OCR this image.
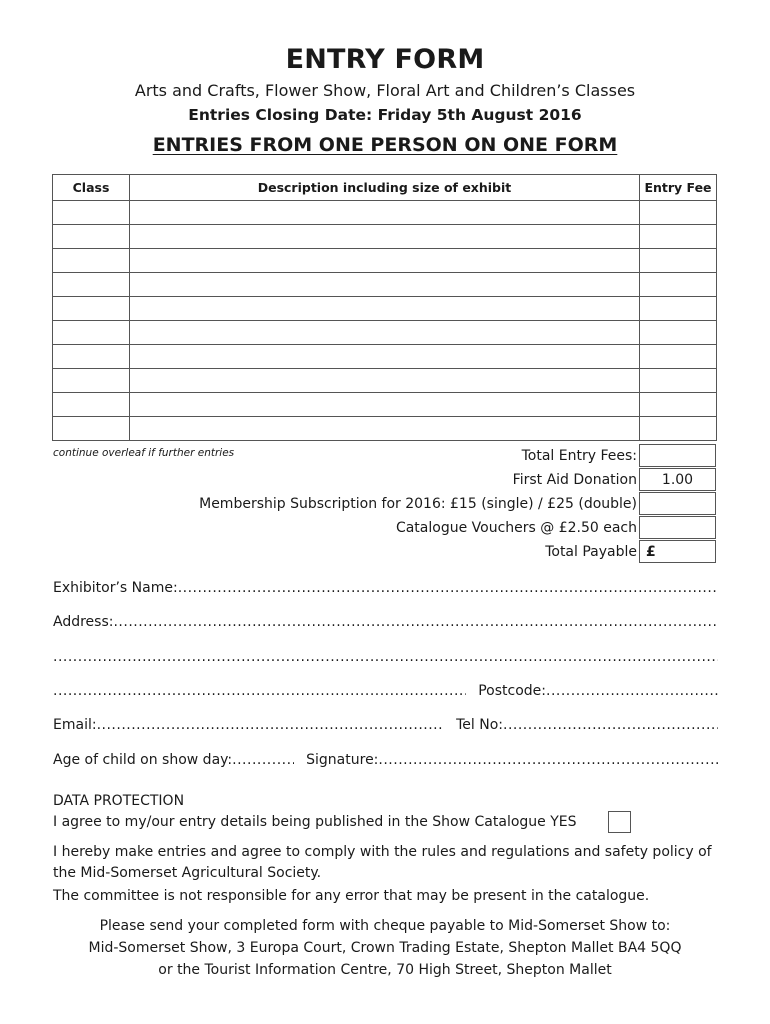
ENTRY FORM
Arts and Crafts, Flower Show, Floral Art and Children’s Classes
Entries Closing Date: Friday 5th August 2016
ENTRIES FROM ONE PERSON ON ONE FORM
Class	Description including size of exhibit	Entry Fee

continue overleaf if further entries	Total Entry Fees:
First Aid Donation	1.00
Membership Subscription for 2016: £15 (single) / £25 (double)
Catalogue Vouchers @ £2.50 each
Total Payable £
Exhibitor’s Name:
.....
Address:
.....
.....
.....
Postcode:
.....
Email: .....	Tel No:
.....
Age of child on show day: .....	Signature:
.....
DATA PROTECTION
I agree to my/our entry details being published in the Show Catalogue YES
I hereby make entries and agree to comply with the rules and regulations and safety policy of the Mid-Somerset Agricultural Society.
The committee is not responsible for any error that may be present in the catalogue.
Please send your completed form with cheque payable to Mid-Somerset Show to:
Mid-Somerset Show, 3 Europa Court, Crown Trading Estate, Shepton Mallet BA4 5QQ
or the Tourist Information Centre, 70 High Street, Shepton Mallet
